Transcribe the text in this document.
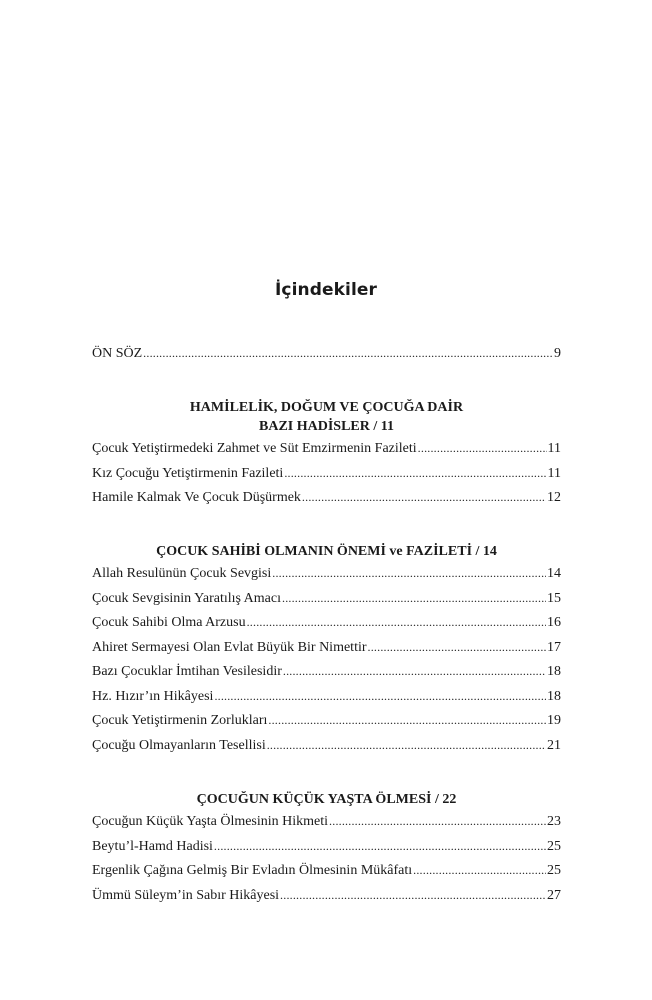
İçindekiler
ÖN SÖZ .....	9
HAMİLELİK, DOĞUM VE ÇOCUĞA DAİR
BAZI HADİSLER / 11
Çocuk Yetiştirmedeki Zahmet ve Süt Emzirmenin Fazileti .....	11
Kız Çocuğu Yetiştirmenin Fazileti .....	11
Hamile Kalmak Ve Çocuk Düşürmek .....	12
ÇOCUK SAHİBİ OLMANIN ÖNEMİ ve FAZİLETİ / 14
Allah Resulünün Çocuk Sevgisi .....	14
Çocuk Sevgisinin Yaratılış Amacı .....	15
Çocuk Sahibi Olma Arzusu .....	16
Ahiret Sermayesi Olan Evlat Büyük Bir Nimettir .....	17
Bazı Çocuklar İmtihan Vesilesidir .....	18
Hz. Hızır’ın Hikâyesi .....	18
Çocuk Yetiştirmenin Zorlukları .....	19
Çocuğu Olmayanların Tesellisi .....	21
ÇOCUĞUN KÜÇÜK YAŞTA ÖLMESİ / 22
Çocuğun Küçük Yaşta Ölmesinin Hikmeti .....	23
Beytu’l-Hamd Hadisi .....	25
Ergenlik Çağına Gelmiş Bir Evladın Ölmesinin Mükâfatı .....	25
Ümmü Süleym’in Sabır Hikâyesi .....	27
